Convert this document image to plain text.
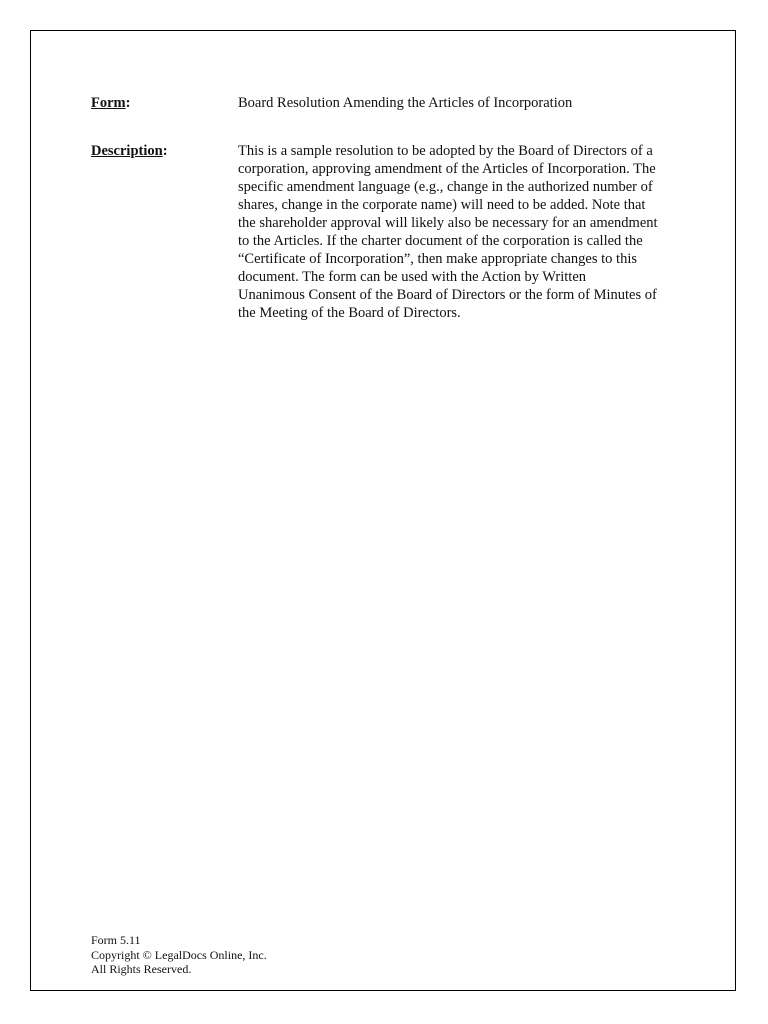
Form:	Board Resolution Amending the Articles of Incorporation
Description:	This is a sample resolution to be adopted by the Board of Directors of a
corporation, approving amendment of the Articles of Incorporation. The
specific amendment language (e.g., change in the authorized number of
shares, change in the corporate name) will need to be added. Note that
the shareholder approval will likely also be necessary for an amendment
to the Articles. If the charter document of the corporation is called the
“Certificate of Incorporation”, then make appropriate changes to this
document. The form can be used with the Action by Written
Unanimous Consent of the Board of Directors or the form of Minutes of
the Meeting of the Board of Directors.
Form 5.11
Copyright © LegalDocs Online, Inc.
All Rights Reserved.
